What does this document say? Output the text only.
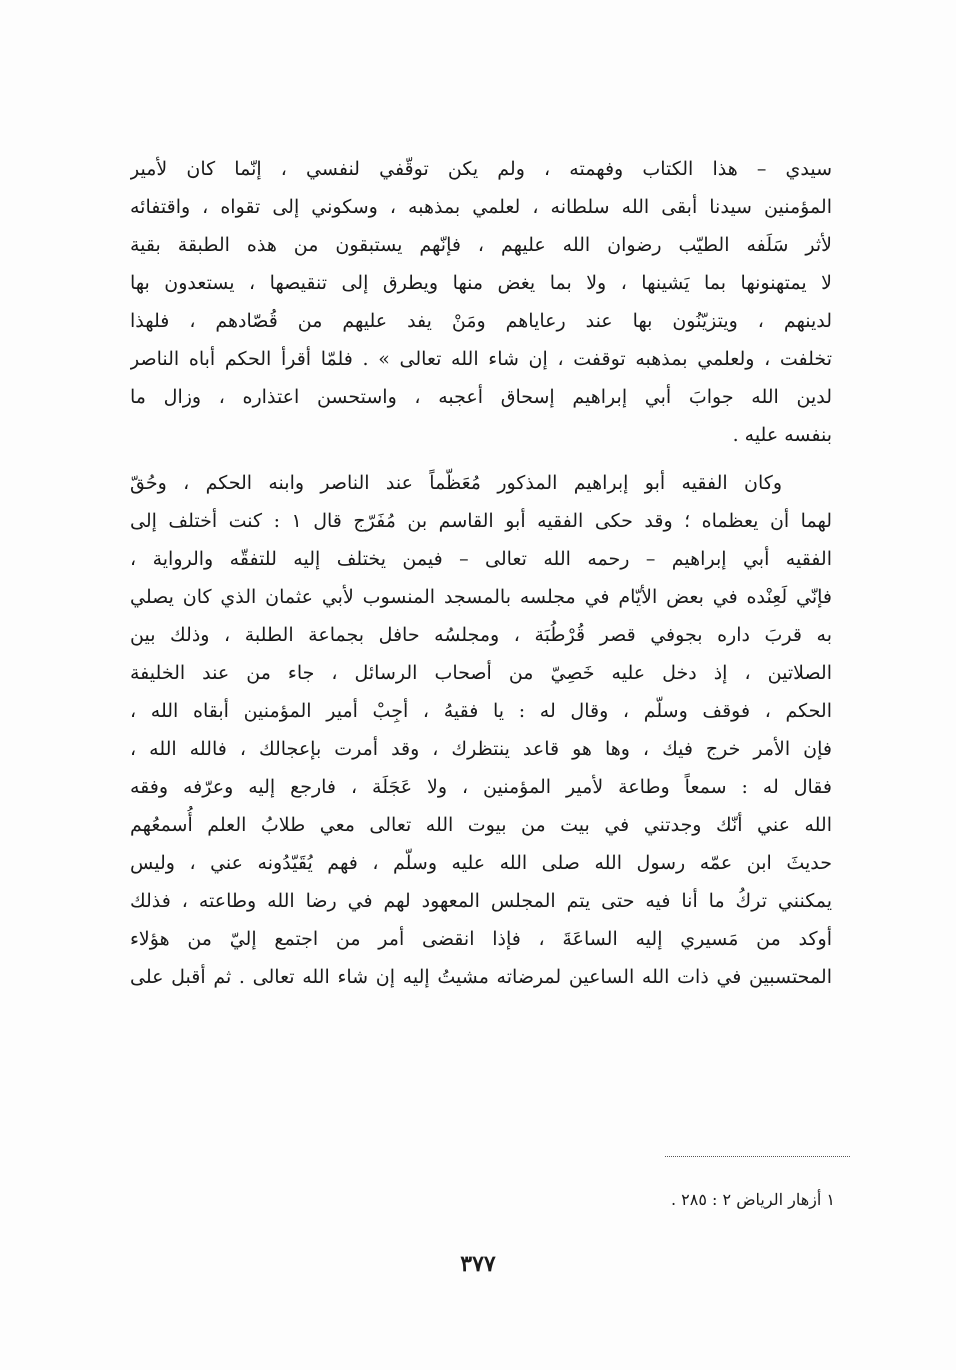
سيدي – هذا الكتاب وفهمته ، ولم يكن توقّفي لنفسي ، إنّما كان لأمير
المؤمنين سيدنا أبقى الله سلطانه ، لعلمي بمذهبه ، وسكوني إلى تقواه ، واقتفائه
لأثر سَلَفه الطيّب رضوان الله عليهم ، فإنّهم يستبقون من هذه الطبقة بقية
لا يمتهنونها بما يَشينها ، ولا بما يغض منها ويطرق إلى تنقيصها ، يستعدون بها
لدينهم ، ويتزيّنُون بها عند رعاياهم ومَنْ يفد عليهم من قُصّادهم ، فلهذا
تخلفت ، ولعلمي بمذهبه توقفت ، إن شاء الله تعالى » . فلمّا أقرأ الحكم أباه الناصر
لدين الله جوابَ أبي إبراهيم إسحاق أعجبه ، واستحسن اعتذاره ، وزال ما
بنفسه عليه .
وكان الفقيه أبو إبراهيم المذكور مُعَظّماً عند الناصر وابنه الحكم ، وحُقّ
لهما أن يعظماه ؛ وقد حكى الفقيه أبو القاسم بن مُفَرّج قال ١ : كنت أختلف إلى
الفقيه أبي إبراهيم – رحمه الله تعالى – فيمن يختلف إليه للتفقّه والرواية ،
فإنّي لَعِنْده في بعض الأيّام في مجلسه بالمسجد المنسوب لأبي عثمان الذي كان يصلي
به قربَ داره بجوفي قصر قُرْطُبَة ، ومجلسُه حافل بجماعة الطلبة ، وذلك بين
الصلاتين ، إذ دخل عليه خَصِيّ من أصحاب الرسائل ، جاء من عند الخليفة
الحكم ، فوقف وسلّم ، وقال له : يا فقيهُ ، أجِبْ أمير المؤمنين أبقاه الله ،
فإن الأمر خرج فيك ، وها هو قاعد ينتظرك ، وقد أمرت بإعجالك ، فالله الله ،
فقال له : سمعاً وطاعة لأمير المؤمنين ، ولا عَجَلَة ، فارجع إليه وعرّفه وفقه
الله عني أنّك وجدتني في بيت من بيوت الله تعالى معي طلابُ العلم أُسمعُهم
حديثَ ابن عمّه رسول الله صلى الله عليه وسلّم ، فهم يُقَيّدُونه عني ، وليس
يمكنني تركُ ما أنا فيه حتى يتم المجلس المعهود لهم في رضا الله وطاعته ، فذلك
أوكد من مَسيري إليه الساعَةَ ، فإذا انقضى أمر من اجتمع إليّ من هؤلاء
المحتسبين في ذات الله الساعين لمرضاته مشيتُ إليه إن شاء الله تعالى . ثم أقبل على
١ أزهار الرياض ٢ : ٢٨٥ .
٣٧٧
